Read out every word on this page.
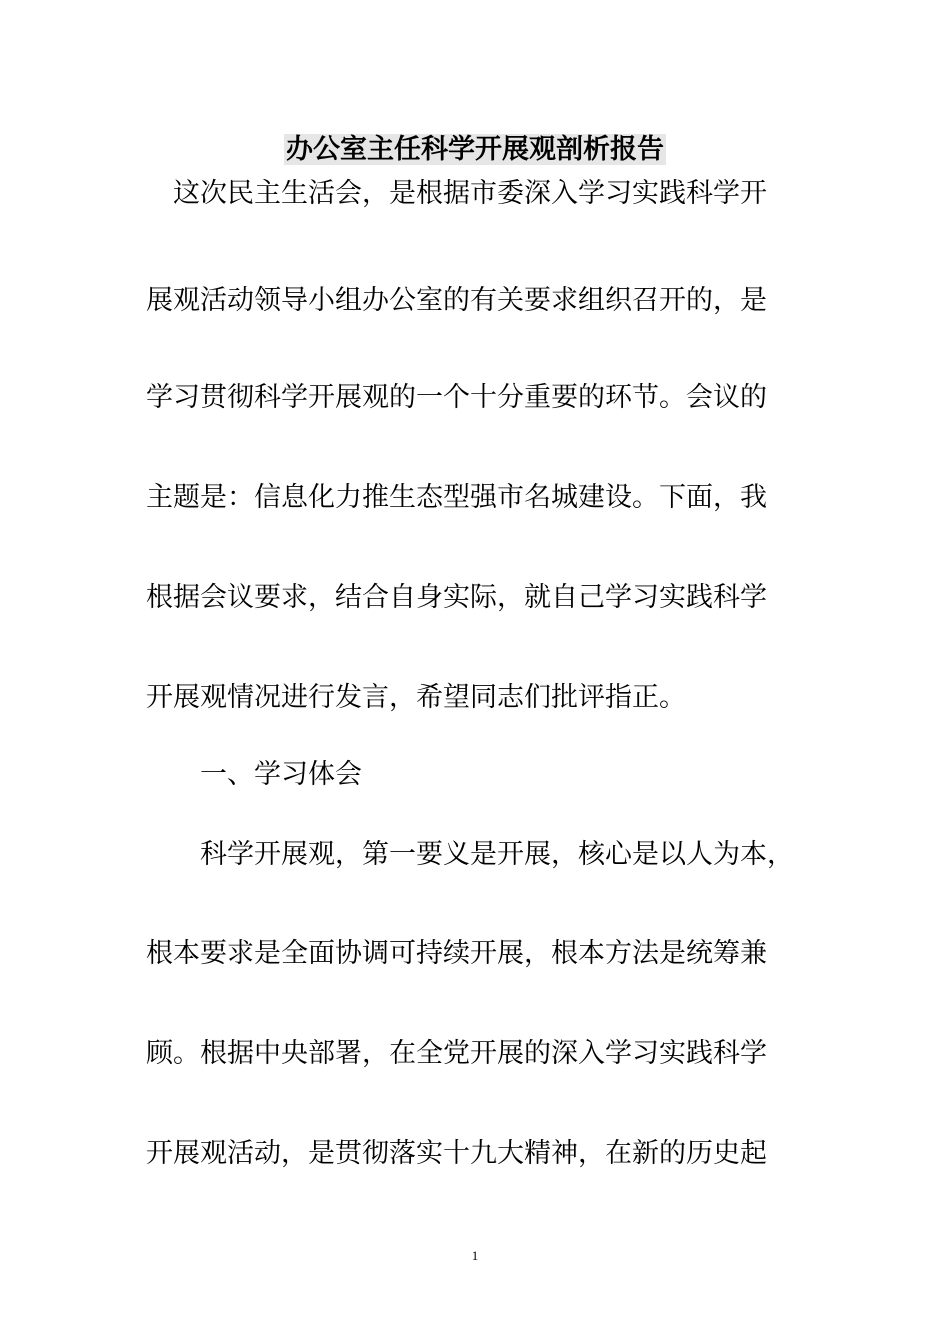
办公室主任科学开展观剖析报告
　这次民主生活会，是根据市委深入学习实践科学开
展观活动领导小组办公室的有关要求组织召开的，是
学习贯彻科学开展观的一个十分重要的环节。会议的
主题是：信息化力推生态型强市名城建设。下面，我
根据会议要求，结合自身实际，就自己学习实践科学
开展观情况进行发言，希望同志们批评指正。
　　一、学习体会
　　科学开展观，第一要义是开展，核心是以人为本，
根本要求是全面协调可持续开展，根本方法是统筹兼
顾。根据中央部署，在全党开展的深入学习实践科学
开展观活动，是贯彻落实十九大精神，在新的历史起
1
